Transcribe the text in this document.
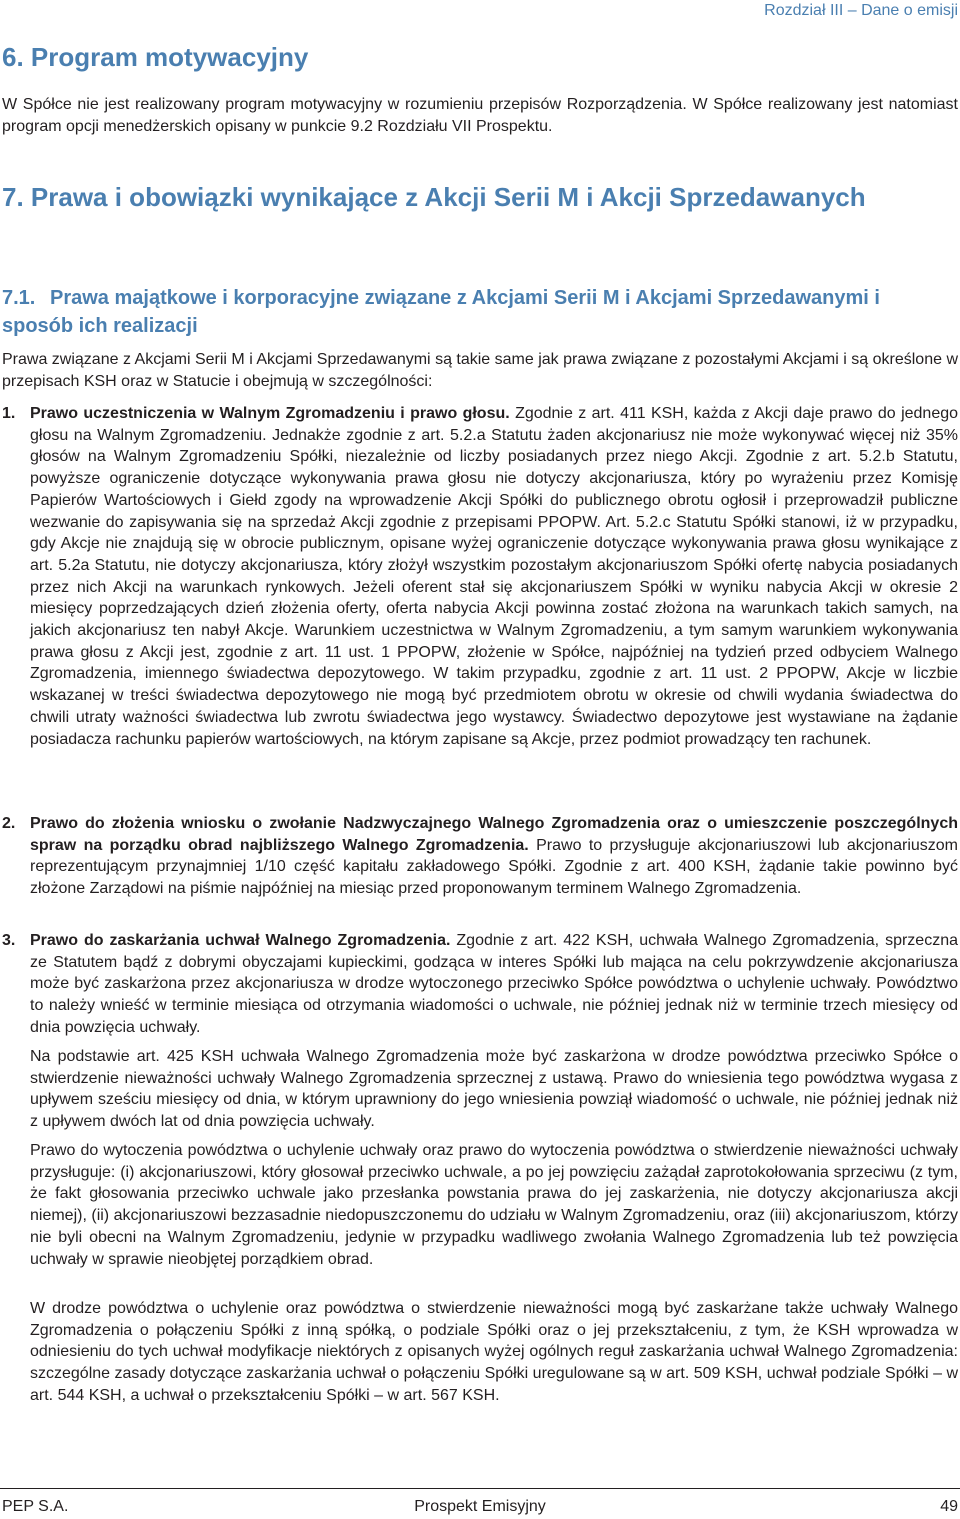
Rozdział III – Dane o emisji
6. Program motywacyjny

W Spółce nie jest realizowany program motywacyjny w rozumieniu przepisów Rozporządzenia. W Spółce realizowany jest natomiast program opcji menedżerskich opisany w punkcie 9.2 Rozdziału VII Prospektu.

7. Prawa i obowiązki wynikające z Akcji Serii M i Akcji Sprzedawanych
7.1. Prawa majątkowe i korporacyjne związane z Akcjami Serii M i Akcjami Sprzedawanymi i sposób ich realizacji

Prawa związane z Akcjami Serii M i Akcjami Sprzedawanymi są takie same jak prawa związane z pozostałymi Akcjami i są określone w przepisach KSH oraz w Statucie i obejmują w szczególności:

1. Prawo uczestniczenia w Walnym Zgromadzeniu i prawo głosu. Zgodnie z art. 411 KSH, każda z Akcji daje prawo do jednego głosu na Walnym Zgromadzeniu. Jednakże zgodnie z art. 5.2.a Statutu żaden akcjonariusz nie może wykonywać więcej niż 35% głosów na Walnym Zgromadzeniu Spółki, niezależnie od liczby posiadanych przez niego Akcji. Zgodnie z art. 5.2.b Statutu, powyższe ograniczenie dotyczące wykonywania prawa głosu nie dotyczy akcjonariusza, który po wyrażeniu przez Komisję Papierów Wartościowych i Giełd zgody na wprowadzenie Akcji Spółki do publicznego obrotu ogłosił i przeprowadził publiczne wezwanie do zapisywania się na sprzedaż Akcji zgodnie z przepisami PPOPW. Art. 5.2.c Statutu Spółki stanowi, iż w przypadku, gdy Akcje nie znajdują się w obrocie publicznym, opisane wyżej ograniczenie dotyczące wykonywania prawa głosu wynikające z art. 5.2a Statutu, nie dotyczy akcjonariusza, który złożył wszystkim pozostałym akcjonariuszom Spółki ofertę nabycia posiadanych przez nich Akcji na warunkach rynkowych. Jeżeli oferent stał się akcjonariuszem Spółki w wyniku nabycia Akcji w okresie 2 miesięcy poprzedzających dzień złożenia oferty, oferta nabycia Akcji powinna zostać złożona na warunkach takich samych, na jakich akcjonariusz ten nabył Akcje. Warunkiem uczestnictwa w Walnym Zgromadzeniu, a tym samym warunkiem wykonywania prawa głosu z Akcji jest, zgodnie z art. 11 ust. 1 PPOPW, złożenie w Spółce, najpóźniej na tydzień przed odbyciem Walnego Zgromadzenia, imiennego świadectwa depozytowego. W takim przypadku, zgodnie z art. 11 ust. 2 PPOPW, Akcje w liczbie wskazanej w treści świadectwa depozytowego nie mogą być przedmiotem obrotu w okresie od chwili wydania świadectwa do chwili utraty ważności świadectwa lub zwrotu świadectwa jego wystawcy. Świadectwo depozytowe jest wystawiane na żądanie posiadacza rachunku papierów wartościowych, na którym zapisane są Akcje, przez podmiot prowadzący ten rachunek.
2. Prawo do złożenia wniosku o zwołanie Nadzwyczajnego Walnego Zgromadzenia oraz o umieszczenie poszczególnych spraw na porządku obrad najbliższego Walnego Zgromadzenia. Prawo to przysługuje akcjonariuszowi lub akcjonariuszom reprezentującym przynajmniej 1/10 część kapitału zakładowego Spółki. Zgodnie z art. 400 KSH, żądanie takie powinno być złożone Zarządowi na piśmie najpóźniej na miesiąc przed proponowanym terminem Walnego Zgromadzenia.
3. Prawo do zaskarżania uchwał Walnego Zgromadzenia. Zgodnie z art. 422 KSH, uchwała Walnego Zgromadzenia, sprzeczna ze Statutem bądź z dobrymi obyczajami kupieckimi, godząca w interes Spółki lub mająca na celu pokrzywdzenie akcjonariusza może być zaskarżona przez akcjonariusza w drodze wytoczonego przeciwko Spółce powództwa o uchylenie uchwały. Powództwo to należy wnieść w terminie miesiąca od otrzymania wiadomości o uchwale, nie później jednak niż w terminie trzech miesięcy od dnia powzięcia uchwały.

Na podstawie art. 425 KSH uchwała Walnego Zgromadzenia może być zaskarżona w drodze powództwa przeciwko Spółce o stwierdzenie nieważności uchwały Walnego Zgromadzenia sprzecznej z ustawą. Prawo do wniesienia tego powództwa wygasa z upływem sześciu miesięcy od dnia, w którym uprawniony do jego wniesienia powziął wiadomość o uchwale, nie później jednak niż z upływem dwóch lat od dnia powzięcia uchwały.

Prawo do wytoczenia powództwa o uchylenie uchwały oraz prawo do wytoczenia powództwa o stwierdzenie nieważności uchwały przysługuje: (i) akcjonariuszowi, który głosował przeciwko uchwale, a po jej powzięciu zażądał zaprotokołowania sprzeciwu (z tym, że fakt głosowania przeciwko uchwale jako przesłanka powstania prawa do jej zaskarżenia, nie dotyczy akcjonariusza akcji niemej), (ii) akcjonariuszowi bezzasadnie niedopuszczonemu do udziału w Walnym Zgromadzeniu, oraz (iii) akcjonariuszom, którzy nie byli obecni na Walnym Zgromadzeniu, jedynie w przypadku wadliwego zwołania Walnego Zgromadzenia lub też powzięcia uchwały w sprawie nieobjętej porządkiem obrad.

W drodze powództwa o uchylenie oraz powództwa o stwierdzenie nieważności mogą być zaskarżane także uchwały Walnego Zgromadzenia o połączeniu Spółki z inną spółką, o podziale Spółki oraz o jej przekształceniu, z tym, że KSH wprowadza w odniesieniu do tych uchwał modyfikacje niektórych z opisanych wyżej ogólnych reguł zaskarżania uchwał Walnego Zgromadzenia: szczególne zasady dotyczące zaskarżania uchwał o połączeniu Spółki uregulowane są w art. 509 KSH, uchwał podziale Spółki – w art. 544 KSH, a uchwał o przekształceniu Spółki – w art. 567 KSH.

PEP S.A.	Prospekt Emisyjny	49
